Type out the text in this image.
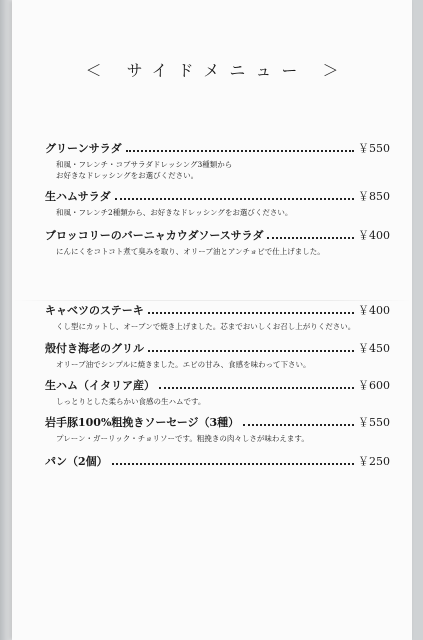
＜ サイドメニュー ＞
グリーンサラダ	￥550
和風・フレンチ・コブサラダドレッシング3種類から
お好きなドレッシングをお選びください。
生ハムサラダ	￥850
和風・フレンチ2種類から、お好きなドレッシングをお選びください。
ブロッコリーのバーニャカウダソースサラダ	￥400
にんにくをコトコト煮て臭みを取り、オリーブ油とアンチョビで仕上げました。
キャベツのステーキ	￥400
くし型にカットし、オーブンで焼き上げました。芯までおいしくお召し上がりください。
殻付き海老のグリル	￥450
オリーブ油でシンプルに焼きました。エビの甘み、食感を味わって下さい。
生ハム（イタリア産）	￥600
しっとりとした柔らかい食感の生ハムです。
岩手豚100%粗挽きソーセージ（3種）	￥550
プレーン・ガーリック・チョリソーです。粗挽きの肉々しさが味わえます。
パン（2個）	￥250
